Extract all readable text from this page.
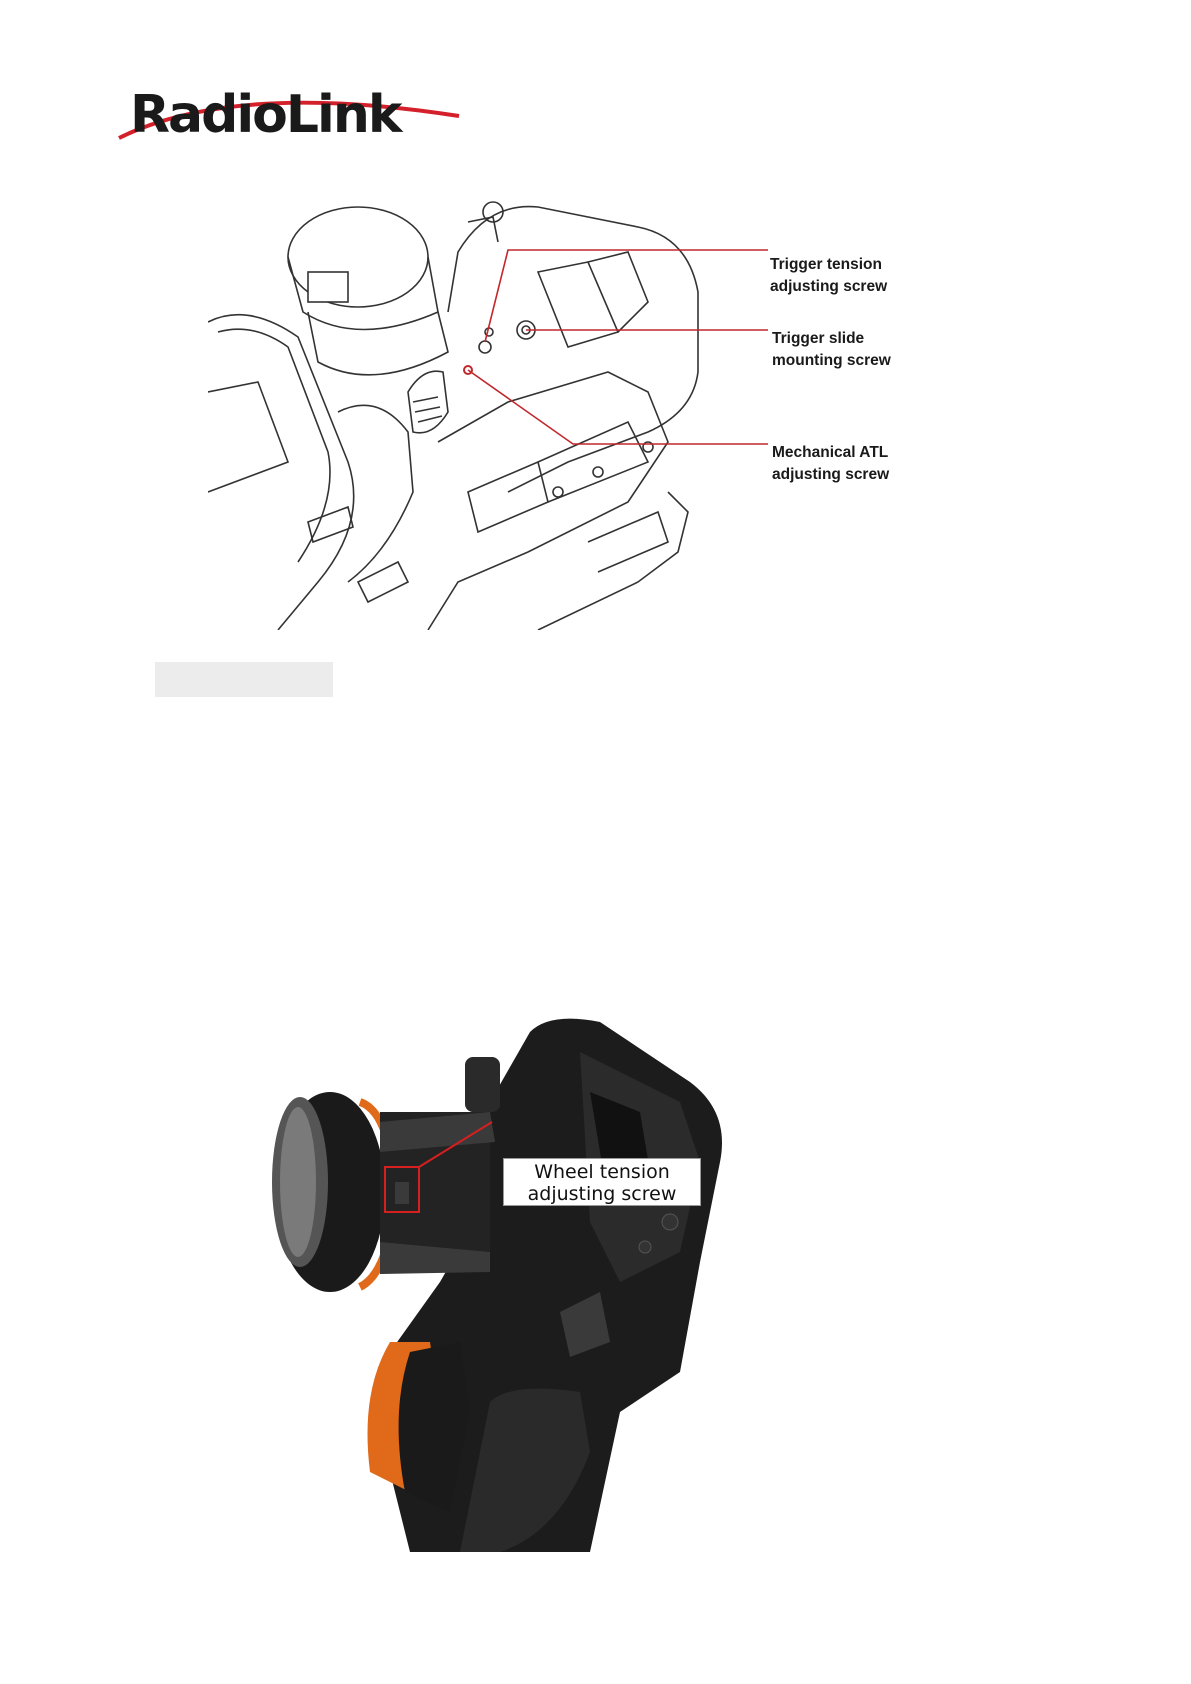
RadioLink
Trigger tension
adjusting screw
Trigger slide
mounting screw
Mechanical ATL
adjusting screw
Wheel tension
adjusting screw
